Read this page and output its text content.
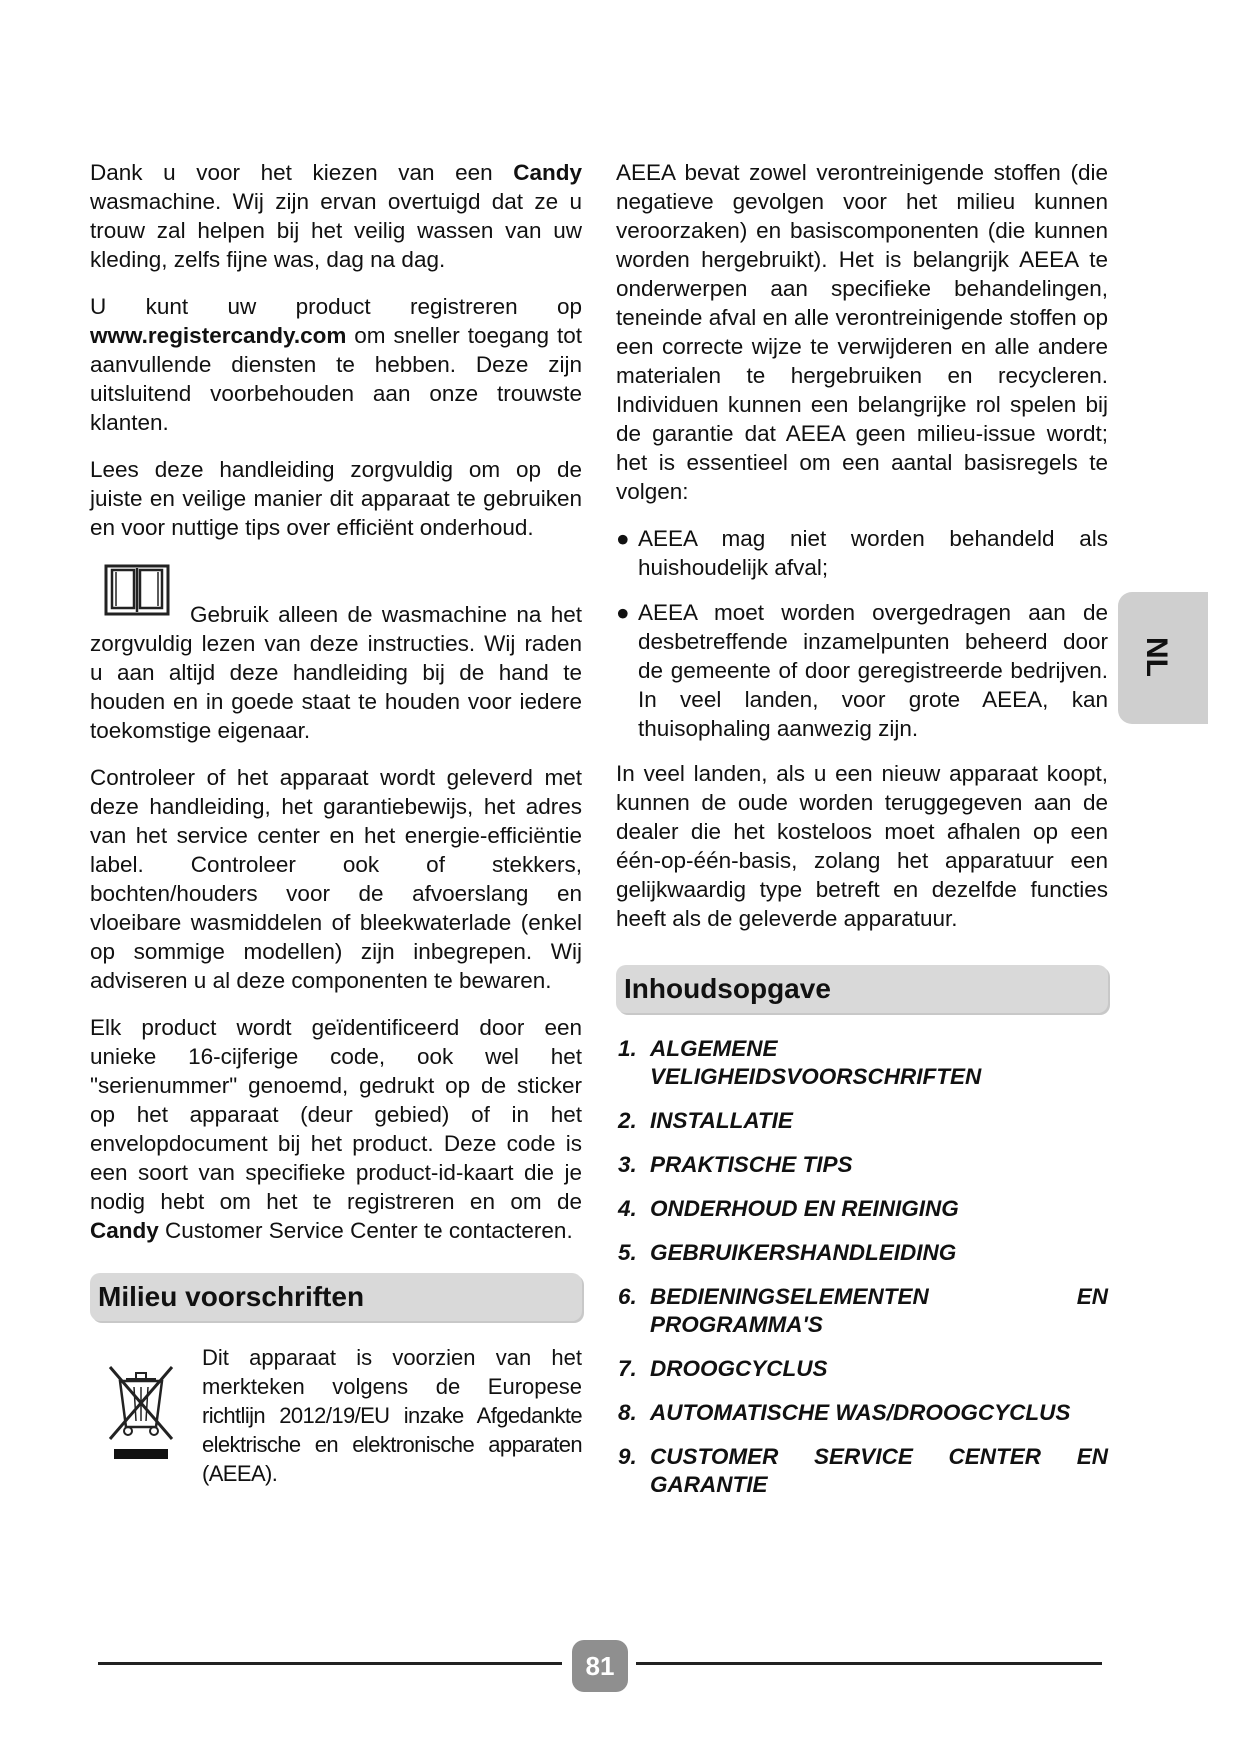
Dank u voor het kiezen van een Candy wasmachine. Wij zijn ervan overtuigd dat ze u trouw zal helpen bij het veilig wassen van uw kleding, zelfs fijne was, dag na dag.

U kunt uw product registreren op www.registercandy.com om sneller toegang tot aanvullende diensten te hebben. Deze zijn uitsluitend voorbehouden aan onze trouwste klanten.

Lees deze handleiding zorgvuldig om op de juiste en veilige manier dit apparaat te gebruiken en voor nuttige tips over efficiënt onderhoud.

Gebruik alleen de wasmachine na het zorgvuldig lezen van deze instructies. Wij raden u aan altijd deze handleiding bij de hand te houden en in goede staat te houden voor iedere toekomstige eigenaar.

Controleer of het apparaat wordt geleverd met deze handleiding, het garantiebewijs, het adres van het service center en het energie-efficiëntie label. Controleer ook of stekkers, bochten/houders voor de afvoerslang en vloeibare wasmiddelen of bleekwaterlade (enkel op sommige modellen) zijn inbegrepen. Wij adviseren u al deze componenten te bewaren.

Elk product wordt geïdentificeerd door een unieke 16-cijferige code, ook wel het "serienummer" genoemd, gedrukt op de sticker op het apparaat (deur gebied) of in het envelopdocument bij het product. Deze code is een soort van specifieke product-id-kaart die je nodig hebt om het te registreren en om de Candy Customer Service Center te contacteren.

Milieu voorschriften
Dit apparaat is voorzien van het merkteken volgens de Europese richtlijn 2012/19/EU inzake Afgedankte elektrische en elektronische apparaten (AEEA).

AEEA bevat zowel verontreinigende stoffen (die negatieve gevolgen voor het milieu kunnen veroorzaken) en basiscomponenten (die kunnen worden hergebruikt). Het is belangrijk AEEA te onderwerpen aan specifieke behandelingen, teneinde afval en alle verontreinigende stoffen op een correcte wijze te verwijderen en alle andere materialen te hergebruiken en recycleren. Individuen kunnen een belangrijke rol spelen bij de garantie dat AEEA geen milieu-issue wordt; het is essentieel om een aantal basisregels te volgen:

● AEEA mag niet worden behandeld als huishoudelijk afval;
● AEEA moet worden overgedragen aan de desbetreffende inzamelpunten beheerd door de gemeente of door geregistreerde bedrijven. In veel landen, voor grote AEEA, kan thuisophaling aanwezig zijn.

In veel landen, als u een nieuw apparaat koopt, kunnen de oude worden teruggegeven aan de dealer die het kosteloos moet afhalen op een één-op-één-basis, zolang het apparatuur een gelijkwaardig type betreft en dezelfde functies heeft als de geleverde apparatuur.

Inhoudsopgave
1. ALGEMENE VELIGHEIDSVOORSCHRIFTEN
2. INSTALLATIE
3. PRAKTISCHE TIPS
4. ONDERHOUD EN REINIGING
5. GEBRUIKERSHANDLEIDING
6. BEDIENINGSELEMENTEN EN PROGRAMMA'S
7. DROOGCYCLUS
8. AUTOMATISCHE WAS/DROOGCYCLUS
9. CUSTOMER SERVICE CENTER EN GARANTIE
NL
81
